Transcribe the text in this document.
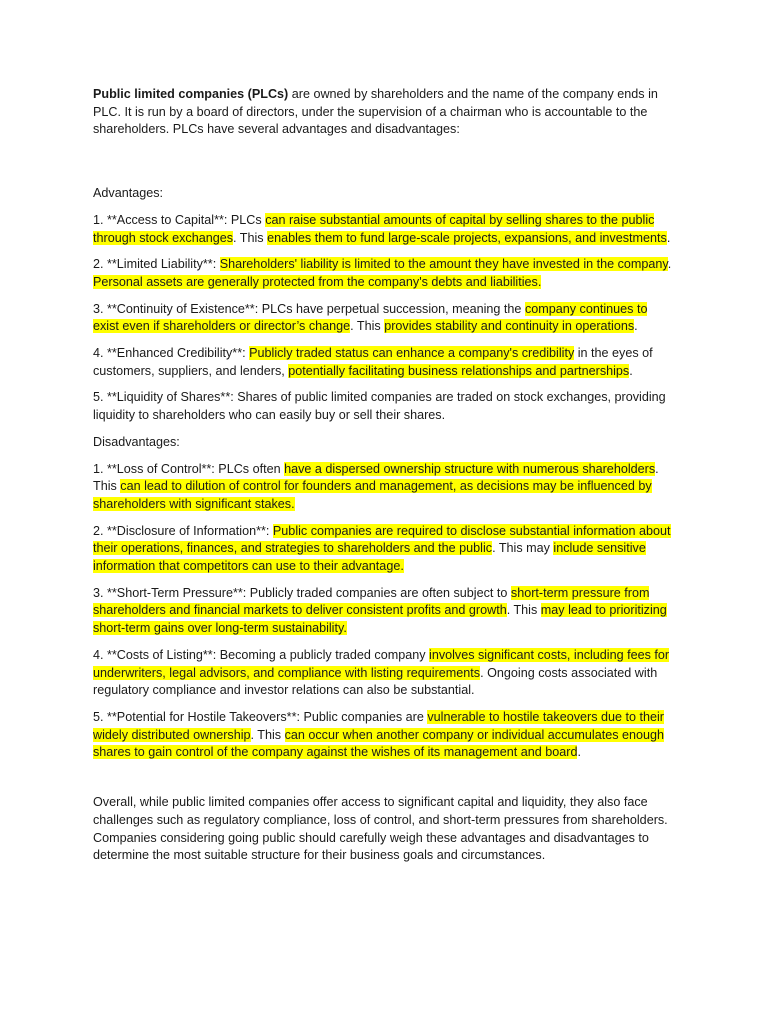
Public limited companies (PLCs) are owned by shareholders and the name of the company ends in PLC. It is run by a board of directors, under the supervision of a chairman who is accountable to the shareholders. PLCs have several advantages and disadvantages:

Advantages:

1. **Access to Capital**: PLCs can raise substantial amounts of capital by selling shares to the public through stock exchanges. This enables them to fund large-scale projects, expansions, and investments.

2. **Limited Liability**: Shareholders' liability is limited to the amount they have invested in the company. Personal assets are generally protected from the company's debts and liabilities.

3. **Continuity of Existence**: PLCs have perpetual succession, meaning the company continues to exist even if shareholders or director’s change. This provides stability and continuity in operations.

4. **Enhanced Credibility**: Publicly traded status can enhance a company's credibility in the eyes of customers, suppliers, and lenders, potentially facilitating business relationships and partnerships.

5. **Liquidity of Shares**: Shares of public limited companies are traded on stock exchanges, providing liquidity to shareholders who can easily buy or sell their shares.

Disadvantages:

1. **Loss of Control**: PLCs often have a dispersed ownership structure with numerous shareholders. This can lead to dilution of control for founders and management, as decisions may be influenced by shareholders with significant stakes.

2. **Disclosure of Information**: Public companies are required to disclose substantial information about their operations, finances, and strategies to shareholders and the public. This may include sensitive information that competitors can use to their advantage.

3. **Short-Term Pressure**: Publicly traded companies are often subject to short-term pressure from shareholders and financial markets to deliver consistent profits and growth. This may lead to prioritizing short-term gains over long-term sustainability.

4. **Costs of Listing**: Becoming a publicly traded company involves significant costs, including fees for underwriters, legal advisors, and compliance with listing requirements. Ongoing costs associated with regulatory compliance and investor relations can also be substantial.

5. **Potential for Hostile Takeovers**: Public companies are vulnerable to hostile takeovers due to their widely distributed ownership. This can occur when another company or individual accumulates enough shares to gain control of the company against the wishes of its management and board.

Overall, while public limited companies offer access to significant capital and liquidity, they also face challenges such as regulatory compliance, loss of control, and short-term pressures from shareholders. Companies considering going public should carefully weigh these advantages and disadvantages to determine the most suitable structure for their business goals and circumstances.
